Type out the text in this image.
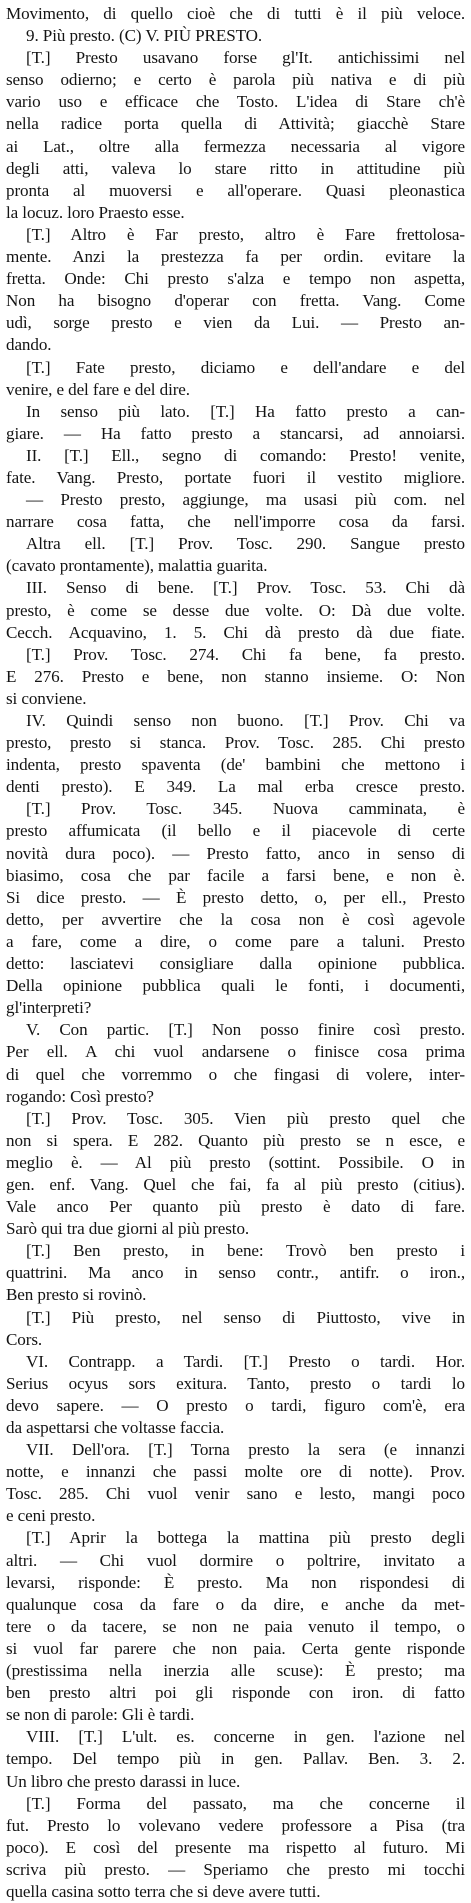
Movimento, di quello cioè che di tutti è il più veloce.
9. Più presto. (C) V. PIÙ PRESTO.
[T.] Presto usavano forse gl'It. antichissimi nel
senso odierno; e certo è parola più nativa e di più
vario uso e efficace che Tosto. L'idea di Stare ch'è
nella radice porta quella di Attività; giacchè Stare
ai Lat., oltre alla fermezza necessaria al vigore
degli atti, valeva lo stare ritto in attitudine più
pronta al muoversi e all'operare. Quasi pleonastica
la locuz. loro Praesto esse.
[T.] Altro è Far presto, altro è Fare frettolosa-
mente. Anzi la prestezza fa per ordin. evitare la
fretta. Onde: Chi presto s'alza e tempo non aspetta,
Non ha bisogno d'operar con fretta. Vang. Come
udì, sorge presto e vien da Lui. — Presto an-
dando.
[T.] Fate presto, diciamo e dell'andare e del
venire, e del fare e del dire.
In senso più lato. [T.] Ha fatto presto a can-
giare. — Ha fatto presto a stancarsi, ad annoiarsi.
II. [T.] Ell., segno di comando: Presto! venite,
fate. Vang. Presto, portate fuori il vestito migliore.
— Presto presto, aggiunge, ma usasi più com. nel
narrare cosa fatta, che nell'imporre cosa da farsi.
Altra ell. [T.] Prov. Tosc. 290. Sangue presto
(cavato prontamente), malattia guarita.
III. Senso di bene. [T.] Prov. Tosc. 53. Chi dà
presto, è come se desse due volte. O: Dà due volte.
Cecch. Acquavino, 1. 5. Chi dà presto dà due fiate.
[T.] Prov. Tosc. 274. Chi fa bene, fa presto.
E 276. Presto e bene, non stanno insieme. O: Non
si conviene.
IV. Quindi senso non buono. [T.] Prov. Chi va
presto, presto si stanca. Prov. Tosc. 285. Chi presto
indenta, presto spaventa (de' bambini che mettono i
denti presto). E 349. La mal erba cresce presto.
[T.] Prov. Tosc. 345. Nuova camminata, è
presto affumicata (il bello e il piacevole di certe
novità dura poco). — Presto fatto, anco in senso di
biasimo, cosa che par facile a farsi bene, e non è.
Si dice presto. — È presto detto, o, per ell., Presto
detto, per avvertire che la cosa non è così agevole
a fare, come a dire, o come pare a taluni. Presto
detto: lasciatevi consigliare dalla opinione pubblica.
Della opinione pubblica quali le fonti, i documenti,
gl'interpreti?
V. Con partic. [T.] Non posso finire così presto.
Per ell. A chi vuol andarsene o finisce cosa prima
di quel che vorremmo o che fingasi di volere, inter-
rogando: Così presto?
[T.] Prov. Tosc. 305. Vien più presto quel che
non si spera. E 282. Quanto più presto se n esce, e
meglio è. — Al più presto (sottint. Possibile. O in
gen. enf. Vang. Quel che fai, fa al più presto (citius).
Vale anco Per quanto più presto è dato di fare.
Sarò qui tra due giorni al più presto.
[T.] Ben presto, in bene: Trovò ben presto i
quattrini. Ma anco in senso contr., antifr. o iron.,
Ben presto si rovinò.
[T.] Più presto, nel senso di Piuttosto, vive in
Cors.
VI. Contrapp. a Tardi. [T.] Presto o tardi. Hor.
Serius ocyus sors exitura. Tanto, presto o tardi lo
devo sapere. — O presto o tardi, figuro com'è, era
da aspettarsi che voltasse faccia.
VII. Dell'ora. [T.] Torna presto la sera (e innanzi
notte, e innanzi che passi molte ore di notte). Prov.
Tosc. 285. Chi vuol venir sano e lesto, mangi poco
e ceni presto.
[T.] Aprir la bottega la mattina più presto degli
altri. — Chi vuol dormire o poltrire, invitato a
levarsi, risponde: È presto. Ma non rispondesi di
qualunque cosa da fare o da dire, e anche da met-
tere o da tacere, se non ne paia venuto il tempo, o
si vuol far parere che non paia. Certa gente risponde
(prestissima nella inerzia alle scuse): È presto; ma
ben presto altri poi gli risponde con iron. di fatto
se non di parole: Gli è tardi.
VIII. [T.] L'ult. es. concerne in gen. l'azione nel
tempo. Del tempo più in gen. Pallav. Ben. 3. 2.
Un libro che presto darassi in luce.
[T.] Forma del passato, ma che concerne il
fut. Presto lo volevano vedere professore a Pisa (tra
poco). E così del presente ma rispetto al futuro. Mi
scriva più presto. — Speriamo che presto mi tocchi
quella casina sotto terra che si deve avere tutti.
